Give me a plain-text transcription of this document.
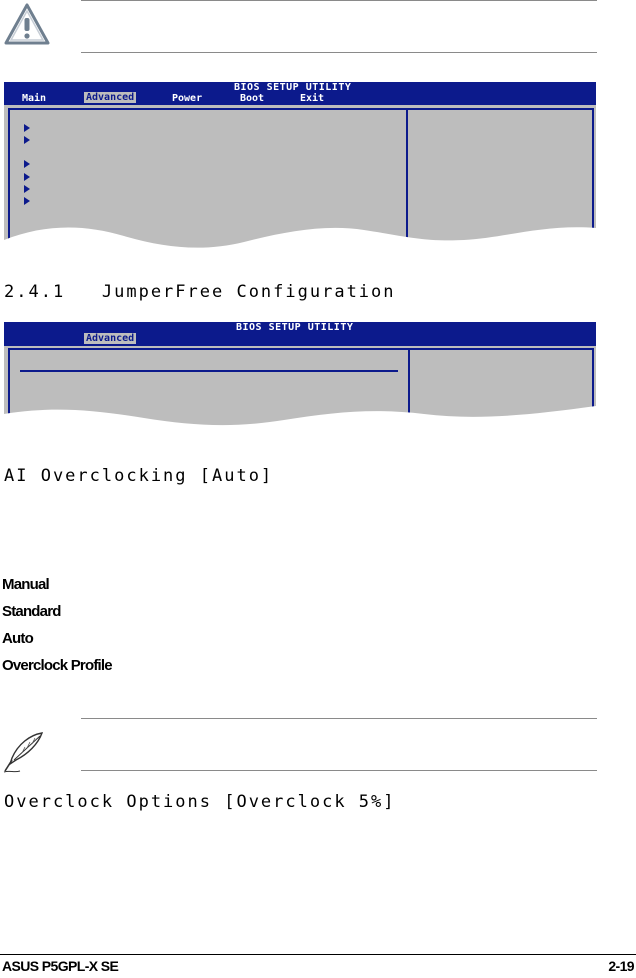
BIOS SETUP UTILITY
Main	Advanced	Power	Boot	Exit
2.4.1   JumperFree Configuration
BIOS SETUP UTILITY
Advanced
AI Overclocking [Auto]
Manual
Standard
Auto
Overclock Profile
Overclock Options [Overclock 5%]
ASUS P5GPL-X SE	2-19
